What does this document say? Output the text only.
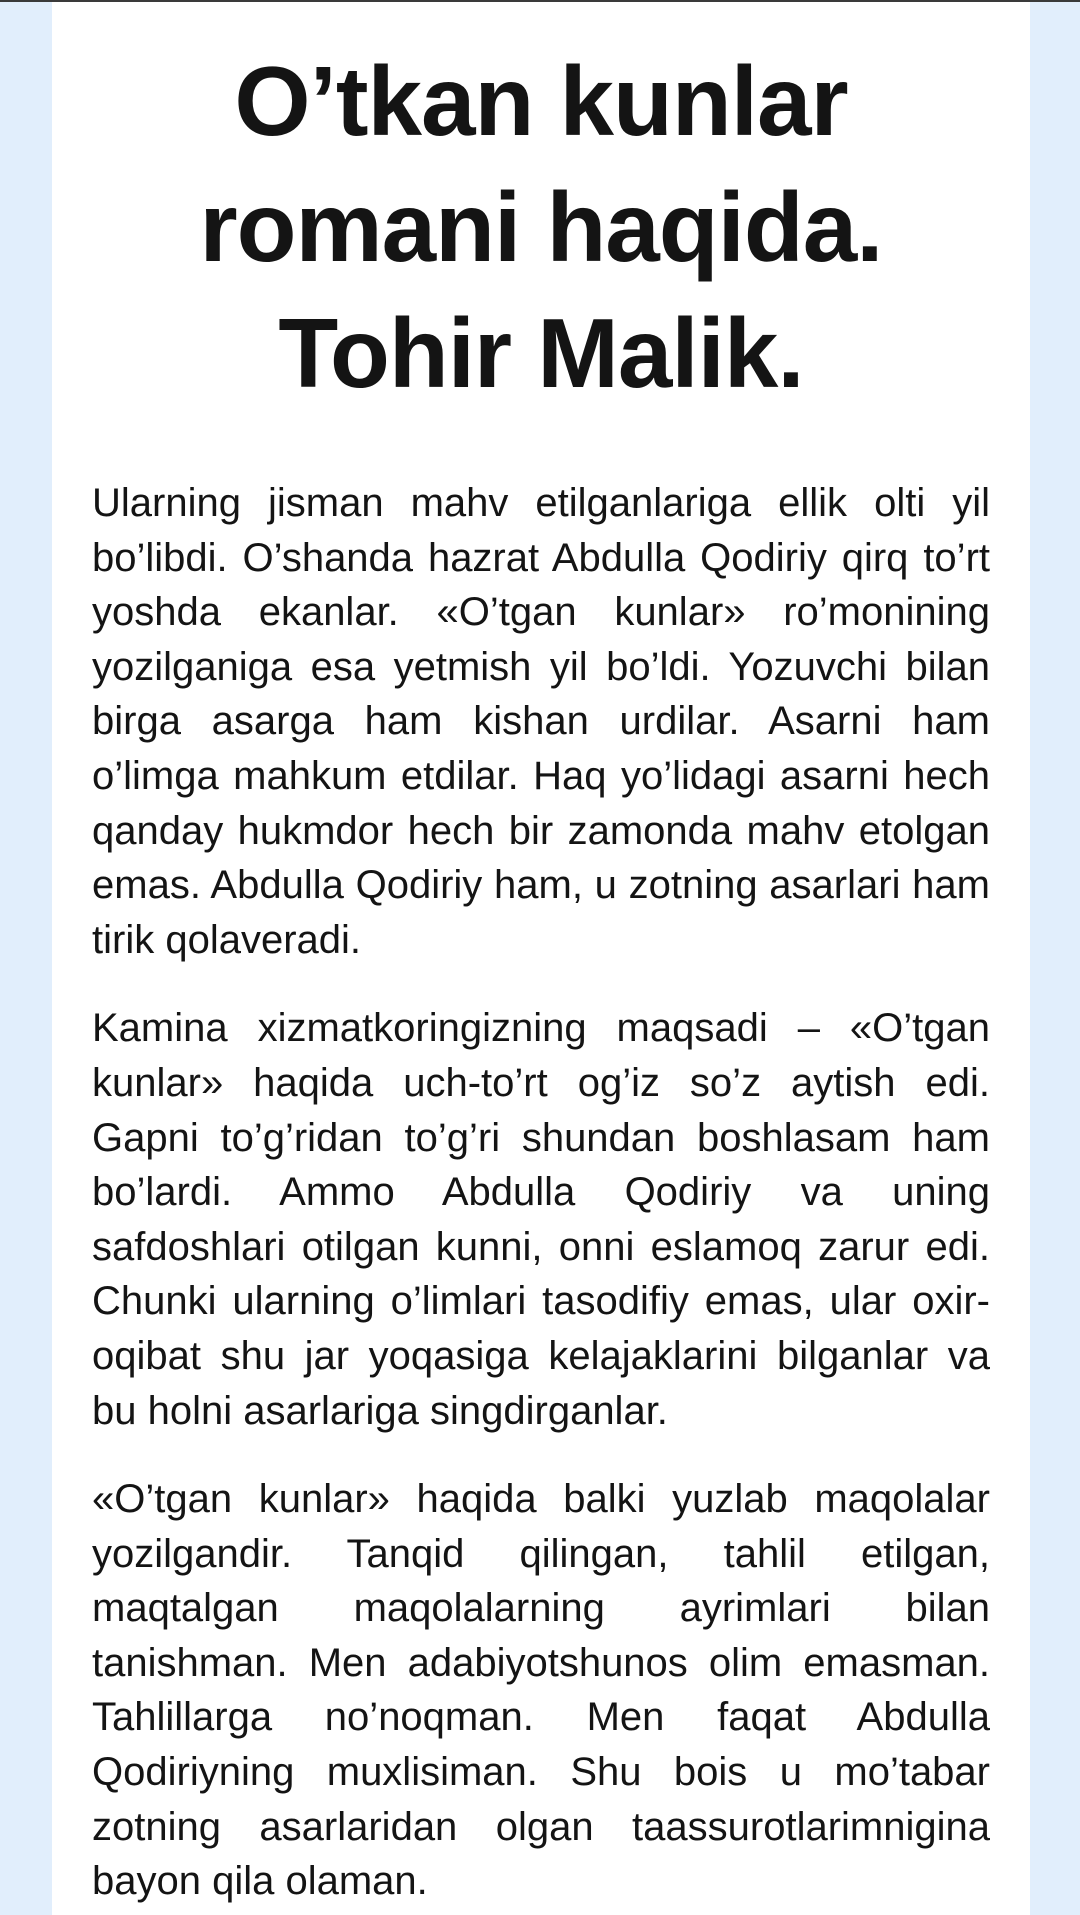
O’tkan kunlar
romani haqida.
Tohir Malik.

Ularning jisman mahv etilganlariga ellik olti yil bo’libdi. O’shanda hazrat Abdulla Qodiriy qirq to’rt yoshda ekanlar. «O’tgan kunlar» ro’monining yozilganiga esa yetmish yil bo’ldi. Yozuvchi bilan birga asarga ham kishan urdilar. Asarni ham o’limga mahkum etdilar. Haq yo’lidagi asarni hech qanday hukmdor hech bir zamonda mahv etolgan emas. Abdulla Qodiriy ham, u zotning asarlari ham tirik qolaveradi.

Kamina xizmatkoringizning maqsadi – «O’tgan kunlar» haqida uch-to’rt og’iz so’z aytish edi. Gapni to’g’ridan to’g’ri shundan boshlasam ham bo’lardi. Ammo Abdulla Qodiriy va uning safdoshlari otilgan kunni, onni eslamoq zarur edi. Chunki ularning o’limlari tasodifiy emas, ular oxir-oqibat shu jar yoqasiga kelajaklarini bilganlar va bu holni asarlariga singdirganlar.

«O’tgan kunlar» haqida balki yuzlab maqolalar yozilgandir. Tanqid qilingan, tahlil etilgan, maqtalgan maqolalarning ayrimlari bilan tanishman. Men adabiyotshunos olim emasman. Tahlillarga no’noqman. Men faqat Abdulla Qodiriyning muxlisiman. Shu bois u mo’tabar zotning asarlaridan olgan taassurotlarimnigina bayon qila olaman.
